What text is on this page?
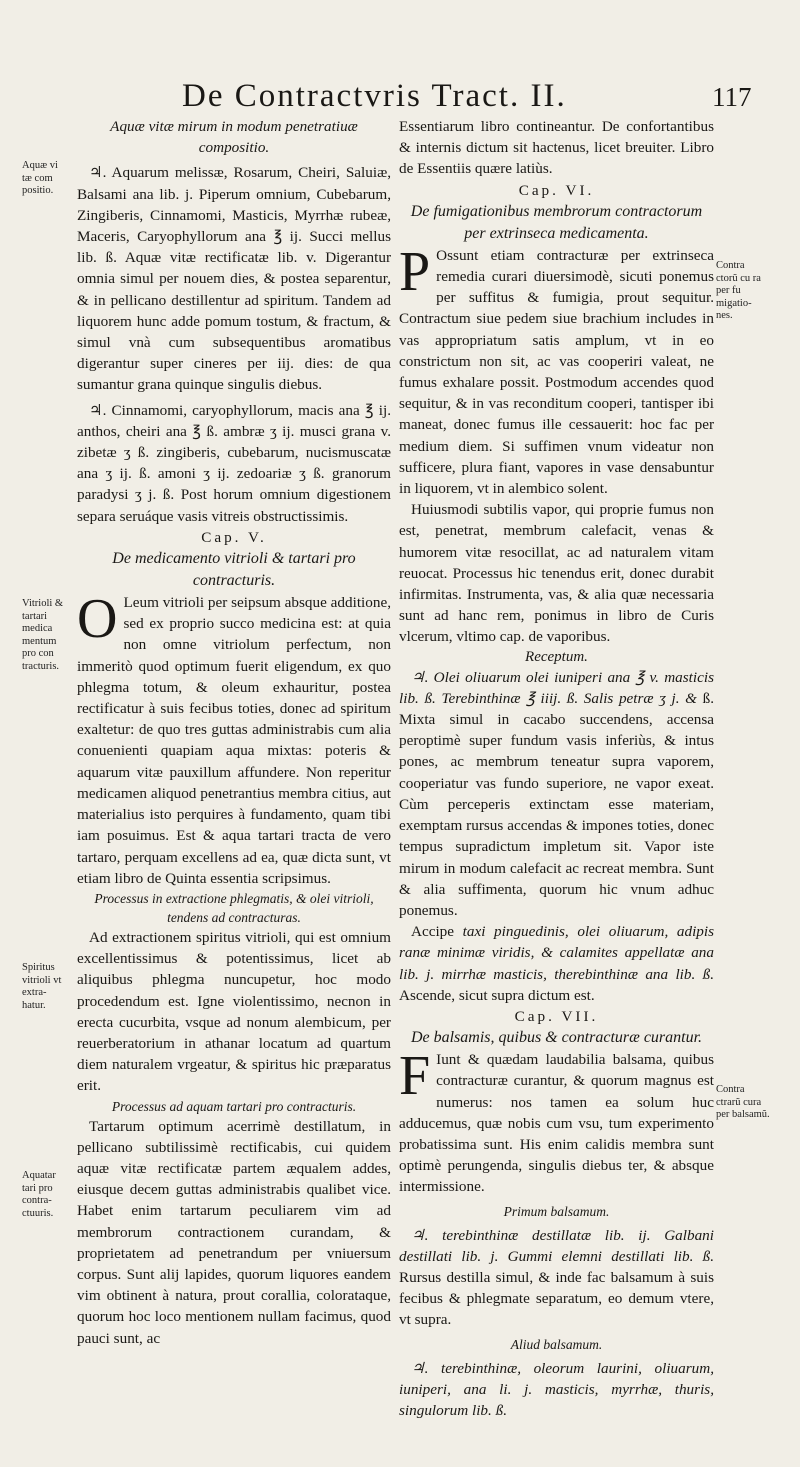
De Contractvris Tract. II.	117
Aquæ vi tæ com positio.
Vitrioli & tartari medica mentum pro con tracturis.
Spiritus vitrioli vt extra- hatur.
Aquatar tari pro contra- ctuuris.
Contra ctorũ cu ra per fu migatio- nes.
Contra ctrarũ cura per balsamũ.

Aquæ vitæ mirum in modum penetratiuæ compositio.

♃. Aquarum melissæ, Rosarum, Cheiri, Saluiæ, Balsami ana lib. j. Piperum omnium, Cubebarum, Zingiberis, Cinnamomi, Masticis, Myrrhæ rubeæ, Maceris, Caryophyllorum ana ℥ ij. Succi mellus lib. ß. Aquæ vitæ rectificatæ lib. v. Digerantur omnia simul per nouem dies, & postea separentur, & in pellicano destillentur ad spiritum. Tandem ad liquorem hunc adde pomum tostum, & fractum, & simul vnà cum subsequentibus aromatibus digerantur super cineres per iij. dies: de qua sumantur grana quinque singulis diebus.

♃. Cinnamomi, caryophyllorum, macis ana ℥ ij. anthos, cheiri ana ℥ ß. ambræ ʒ ij. musci grana v. zibetæ ʒ ß. zingiberis, cubebarum, nucismuscatæ ana ʒ ij. ß. amoni ʒ ij. zedoariæ ʒ ß. granorum paradysi ʒ j. ß. Post horum omnium digestionem separa seruáque vasis vitreis obstructissimis.

Cap. V.

De medicamento vitrioli & tartari pro contracturis.

O Leum vitrioli per seipsum absque additione, sed ex proprio succo medicina est: at quia non omne vitriolum perfectum, non immeritò quod optimum fuerit eligendum, ex quo phlegma totum, & oleum exhauritur, postea rectificatur à suis fecibus toties, donec ad spiritum exaltetur: de quo tres guttas administrabis cum alia conuenienti quapiam aqua mixtas: poteris & aquarum vitæ pauxillum affundere. Non reperitur medicamen aliquod penetrantius membra citius, aut materialius isto perquires à fundamento, quam tibi iam posuimus. Est & aqua tartari tracta de vero tartaro, perquam excellens ad ea, quæ dicta sunt, vt etiam libro de Quinta essentia scripsimus.

Processus in extractione phlegmatis, & olei vitrioli, tendens ad contracturas.

Ad extractionem spiritus vitrioli, qui est omnium excellentissimus & potentissimus, licet ab aliquibus phlegma nuncupetur, hoc modo procedendum est. Igne violentissimo, necnon in erecta cucurbita, vsque ad nonum alembicum, per reuerberatorium in athanar locatum ad quartum diem naturalem vrgeatur, & spiritus hic præparatus erit.

Processus ad aquam tartari pro contracturis.

Tartarum optimum acerrimè destillatum, in pellicano subtilissimè rectificabis, cui quidem aquæ vitæ rectificatæ partem æqualem addes, eiusque decem guttas administrabis qualibet vice. Habet enim tartarum peculiarem vim ad membrorum contractionem curandam, & proprietatem ad penetrandum per vniuersum corpus. Sunt alij lapides, quorum liquores eandem vim obtinent à natura, prout corallia, colorataque, quorum hoc loco mentionem nullam facimus, quod pauci sunt, ac

Essentiarum libro contineantur. De confortantibus & internis dictum sit hactenus, licet breuiter. Libro de Essentiis quære latiùs.

Cap. VI.

De fumigationibus membrorum contractorum per extrinseca medicamenta.

P Ossunt etiam contracturæ per extrinseca remedia curari diuersimodè, sicuti ponemus per suffitus & fumigia, prout sequitur. Contractum siue pedem siue brachium includes in vas appropriatum satis amplum, vt in eo constrictum non sit, ac vas cooperiri valeat, ne fumus exhalare possit. Postmodum accendes quod sequitur, & in vas reconditum cooperi, tantisper ibi maneat, donec fumus ille cessauerit: hoc fac per medium diem. Si suffimen vnum videatur non sufficere, plura fiant, vapores in vase densabuntur in liquorem, vt in alembico solent.

Huiusmodi subtilis vapor, qui proprie fumus non est, penetrat, membrum calefacit, venas & humorem vitæ resocillat, ac ad naturalem vitam reuocat. Processus hic tenendus erit, donec durabit infirmitas. Instrumenta, vas, & alia quæ necessaria sunt ad hanc rem, ponimus in libro de Curis vlcerum, vltimo cap. de vaporibus.

Receptum.

♃. Olei oliuarum olei iuniperi ana ℥ v. masticis lib. ß. Terebinthinæ ℥ iiij. ß. Salis petræ ʒ j. & ß. Mixta simul in cacabo succendens, accensa peroptimè super fundum vasis inferiùs, & intus pones, ac membrum teneatur supra vaporem, cooperiatur vas fundo superiore, ne vapor exeat. Cùm perceperis extinctam esse materiam, exemptam rursus accendas & impones toties, donec tempus supradictum impletum sit. Vapor iste mirum in modum calefacit ac recreat membra. Sunt & alia suffimenta, quorum hic vnum adhuc ponemus.

Accipe taxi pinguedinis, olei oliuarum, adipis ranæ minimæ viridis, & calamites appellatæ ana lib. j. mirrhæ masticis, therebinthinæ ana lib. ß. Ascende, sicut supra dictum est.

Cap. VII.

De balsamis, quibus & contracturæ curantur.

F Iunt & quædam laudabilia balsama, quibus contracturæ curantur, & quorum magnus est numerus: nos tamen ea solum huc adducemus, quæ nobis cum vsu, tum experimento probatissima sunt. His enim calidis membra sunt optimè perungenda, singulis diebus ter, & absque intermissione.

Primum balsamum.

♃. terebinthinæ destillatæ lib. ij. Galbani destillati lib. j. Gummi elemni destillati lib. ß. Rursus destilla simul, & inde fac balsamum à suis fecibus & phlegmate separatum, eo demum vtere, vt supra.

Aliud balsamum.

♃. terebinthinæ, oleorum laurini, oliuarum, iuniperi, ana li. j. masticis, myrrhæ, thuris, singulorum lib. ß.
